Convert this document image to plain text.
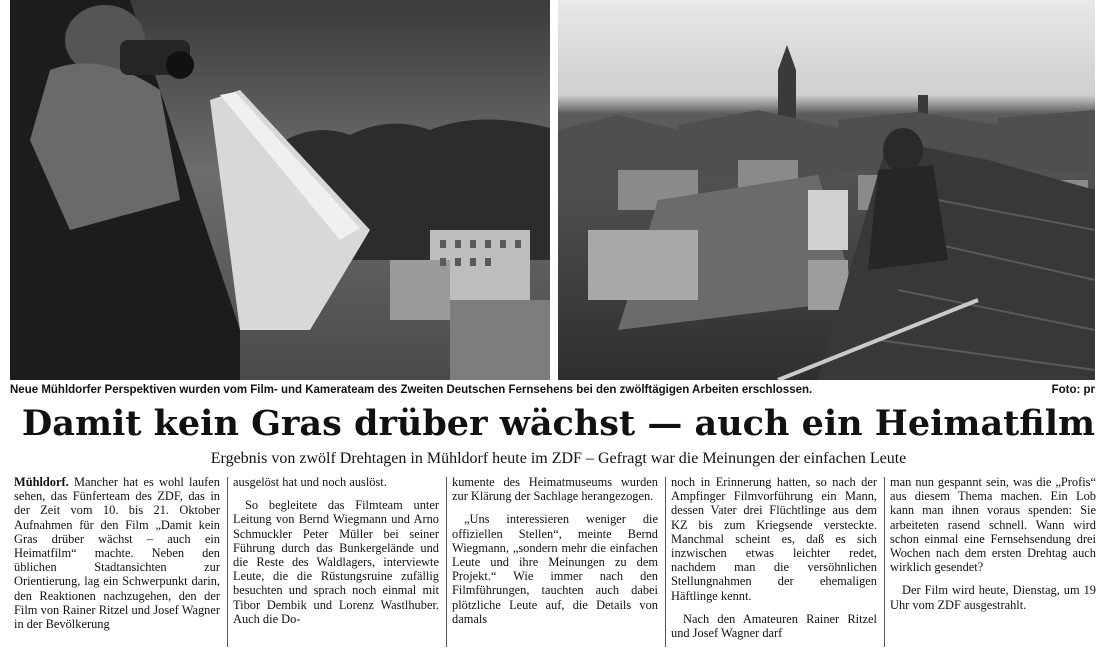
Neue Mühldorfer Perspektiven wurden vom Film- und Kamerateam des Zweiten Deutschen Fernsehens bei den zwölftägigen Arbeiten erschlossen.	Foto: pr
Damit kein Gras drüber wächst — auch ein Heimatfilm
Ergebnis von zwölf Drehtagen in Mühldorf heute im ZDF – Gefragt war die Meinungen der einfachen Leute

Mühldorf. Mancher hat es wohl laufen sehen, das Fünferteam des ZDF, das in der Zeit vom 10. bis 21. Oktober Aufnahmen für den Film „Damit kein Gras drüber wächst – auch ein Heimatfilm“ machte. Neben den üblichen Stadtansichten zur Orientierung, lag ein Schwerpunkt darin, den Reaktionen nachzugehen, den der Film von Rainer Ritzel und Josef Wagner in der Bevölkerung

ausgelöst hat und noch auslöst.

So begleitete das Filmteam unter Leitung von Bernd Wiegmann und Arno Schmuckler Peter Müller bei seiner Führung durch das Bunkergelände und die Reste des Waldlagers, interviewte Leute, die die Rüstungsruine zufällig besuchten und sprach noch einmal mit Tibor Dembik und Lorenz Wastlhuber. Auch die Do-

kumente des Heimatmuseums wurden zur Klärung der Sachlage herangezogen.

„Uns interessieren weniger die offiziellen Stellen“, meinte Bernd Wiegmann, „sondern mehr die einfachen Leute und ihre Meinungen zu dem Projekt.“ Wie immer nach den Filmführungen, tauchten auch dabei plötzliche Leute auf, die Details von damals

noch in Erinnerung hatten, so nach der Ampfinger Filmvorführung ein Mann, dessen Vater drei Flüchtlinge aus dem KZ bis zum Kriegsende versteckte. Manchmal scheint es, daß es sich inzwischen etwas leichter redet, nachdem man die versöhnlichen Stellungnahmen der ehemaligen Häftlinge kennt.

Nach den Amateuren Rainer Ritzel und Josef Wagner darf

man nun gespannt sein, was die „Profis“ aus diesem Thema machen. Ein Lob kann man ihnen voraus spenden: Sie arbeiteten rasend schnell. Wann wird schon einmal eine Fernsehsendung drei Wochen nach dem ersten Drehtag auch wirklich gesendet?

Der Film wird heute, Dienstag, um 19 Uhr vom ZDF ausgestrahlt.
